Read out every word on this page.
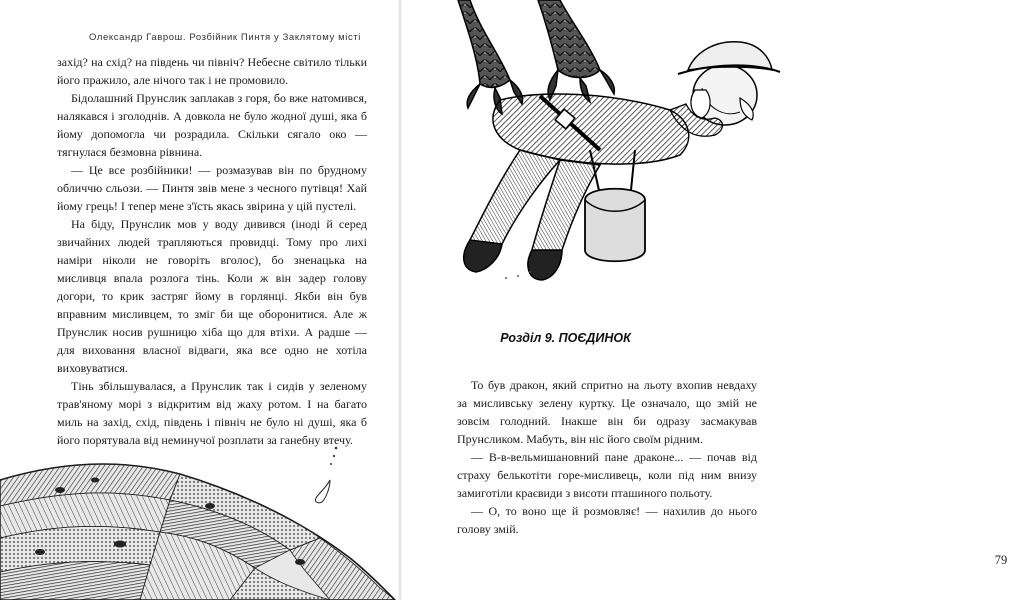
Олександр Гаврош. Розбійник Пинтя у Заклятому місті

захід? на схід? на південь чи північ? Небесне світило тільки його пражило, але нічого так і не промовило.

Бідолашний Прунслик заплакав з горя, бо вже натомився, налякався і зголоднів. А довкола не було жодної душі, яка б йому допомогла чи розрадила. Скільки сягало око — тягнулася безмовна рівнина.

— Це все розбійники! — розмазував він по брудному обличчю сльози. — Пинтя звів мене з чесного путівця! Хай йому грець! І тепер мене з'їсть якась звірина у цій пустелі.

На біду, Прунслик мов у воду дивився (іноді й серед звичайних людей трапляються провидці. Тому про лихі наміри ніколи не говоріть вголос), бо зненацька на мисливця впала розлога тінь. Коли ж він задер голову догори, то крик застряг йому в горлянці. Якби він був вправним мисливцем, то зміг би ще оборонитися. Але ж Прунслик носив рушницю хіба що для втіхи. А радше — для виховання власної відваги, яка все одно не хотіла виховуватися.

Тінь збільшувалася, а Прунслик так і сидів у зеленому трав'яному морі з відкритим від жаху ротом. І на багато миль на захід, схід, південь і північ не було ні душі, яка б його порятувала від неминучої розплати за ганебну втечу.

Розділ 9. ПОЄДИНОК

То був дракон, який спритно на льоту вхопив невдаху за мисливську зелену куртку. Це означало, що змій не зовсім голодний. Інакше він би одразу засмакував Прунсликом. Мабуть, він ніс його своїм рідним.

— В-в-вельмишановний пане драконе... — почав від страху белькотіти горе-мисливець, коли під ним внизу замиготіли краєвиди з висоти пташиного польоту.

— О, то воно ще й розмовляє! — нахилив до нього голову змій.

79
